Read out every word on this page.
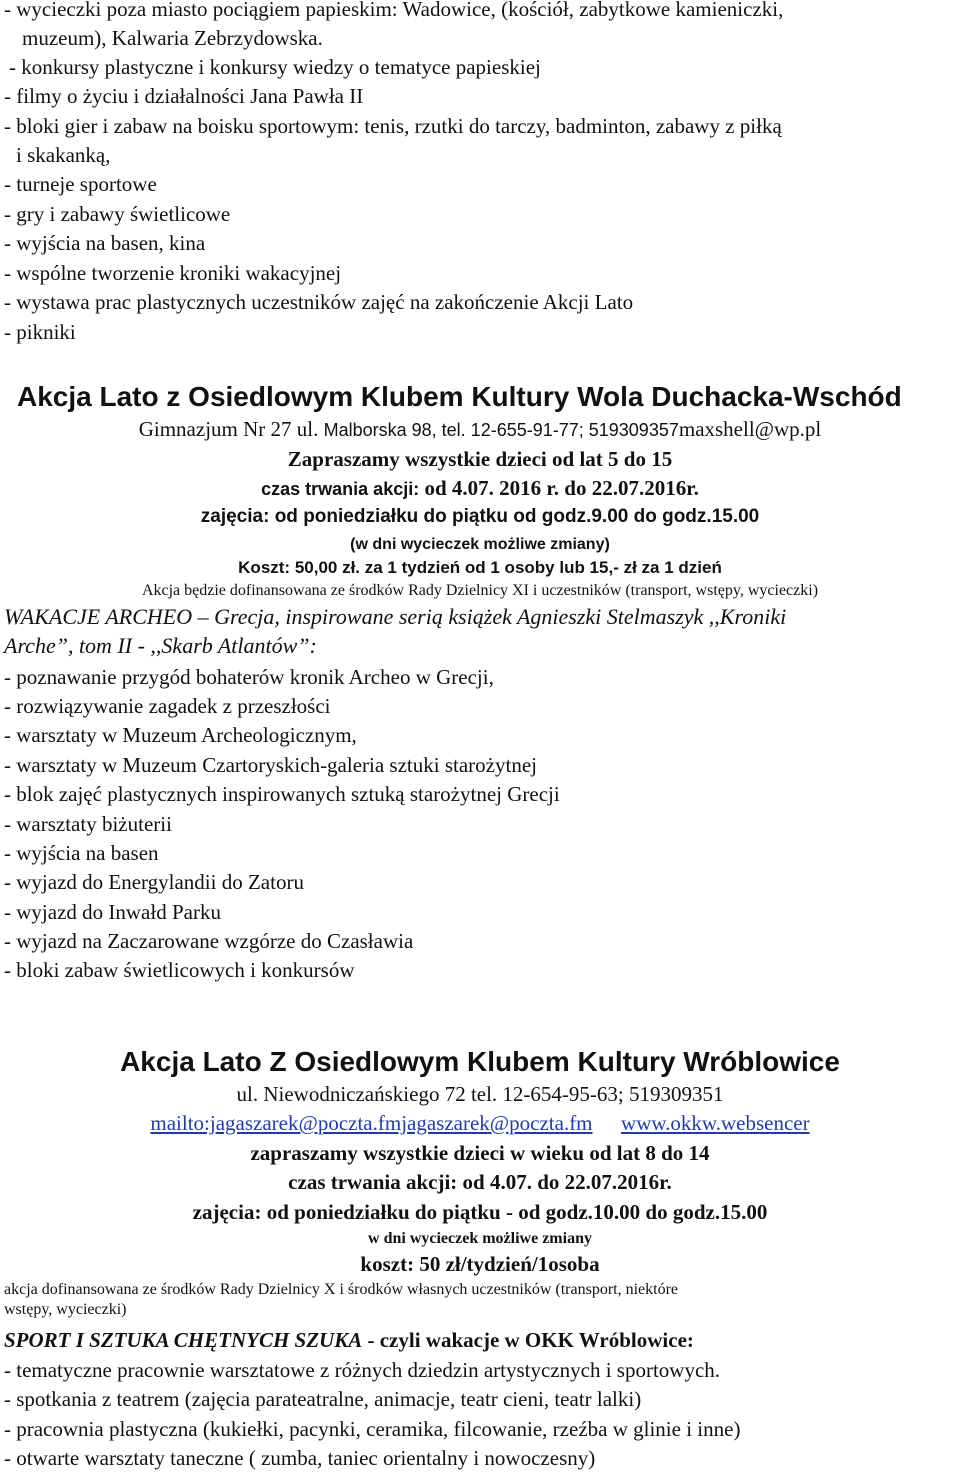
- wycieczki poza miasto pociągiem papieskim: Wadowice, (kościół, zabytkowe kamieniczki,
muzeum), Kalwaria Zebrzydowska.
- konkursy plastyczne i konkursy wiedzy o tematyce papieskiej
- filmy o życiu i działalności Jana Pawła II
- bloki gier i zabaw na boisku sportowym: tenis, rzutki do tarczy, badminton, zabawy z piłką
i skakanką,
- turneje sportowe
- gry i zabawy świetlicowe
- wyjścia na basen, kina
- wspólne tworzenie kroniki wakacyjnej
- wystawa prac plastycznych uczestników zajęć na zakończenie Akcji Lato
- pikniki
Akcja Lato z Osiedlowym Klubem Kultury Wola Duchacka-Wschód
Gimnazjum Nr 27 ul. Malborska 98, tel. 12-655-91-77; 519309357maxshell@wp.pl
Zapraszamy wszystkie dzieci od lat 5 do 15
czas trwania akcji: od 4.07. 2016 r. do 22.07.2016r.
zajęcia: od poniedziałku do piątku od godz.9.00 do godz.15.00
(w dni wycieczek możliwe zmiany)
Koszt: 50,00 zł. za 1 tydzień od 1 osoby lub 15,- zł za 1 dzień
Akcja będzie dofinansowana ze środków Rady Dzielnicy XI i uczestników (transport, wstępy, wycieczki)
WAKACJE ARCHEO – Grecja, inspirowane serią książek Agnieszki Stelmaszyk ,,Kroniki
Arche”, tom II - ,,Skarb Atlantów”:
- poznawanie przygód bohaterów kronik Archeo w Grecji,
- rozwiązywanie zagadek z przeszłości
- warsztaty w Muzeum Archeologicznym,
- warsztaty w Muzeum Czartoryskich-galeria sztuki starożytnej
- blok zajęć plastycznych inspirowanych sztuką starożytnej Grecji
- warsztaty biżuterii
- wyjścia na basen
- wyjazd do Energylandii do Zatoru
- wyjazd do Inwałd Parku
- wyjazd na Zaczarowane wzgórze do Czasławia
- bloki zabaw świetlicowych i konkursów
Akcja Lato Z Osiedlowym Klubem Kultury Wróblowice
ul. Niewodniczańskiego 72 tel. 12-654-95-63; 519309351
mailto:jagaszarek@poczta.fmjagaszarek@poczta.fm www.okkw.websencer
zapraszamy wszystkie dzieci w wieku od lat 8 do 14
czas trwania akcji: od 4.07. do 22.07.2016r.
zajęcia: od poniedziałku do piątku - od godz.10.00 do godz.15.00
w dni wycieczek możliwe zmiany
koszt: 50 zł/tydzień/1osoba
akcja dofinansowana ze środków Rady Dzielnicy X i środków własnych uczestników (transport, niektóre
wstępy, wycieczki)
SPORT I SZTUKA CHĘTNYCH SZUKA - czyli wakacje w OKK Wróblowice:
- tematyczne pracownie warsztatowe z różnych dziedzin artystycznych i sportowych.
- spotkania z teatrem (zajęcia parateatralne, animacje, teatr cieni, teatr lalki)
- pracownia plastyczna (kukiełki, pacynki, ceramika, filcowanie, rzeźba w glinie i inne)
- otwarte warsztaty taneczne ( zumba, taniec orientalny i nowoczesny)
